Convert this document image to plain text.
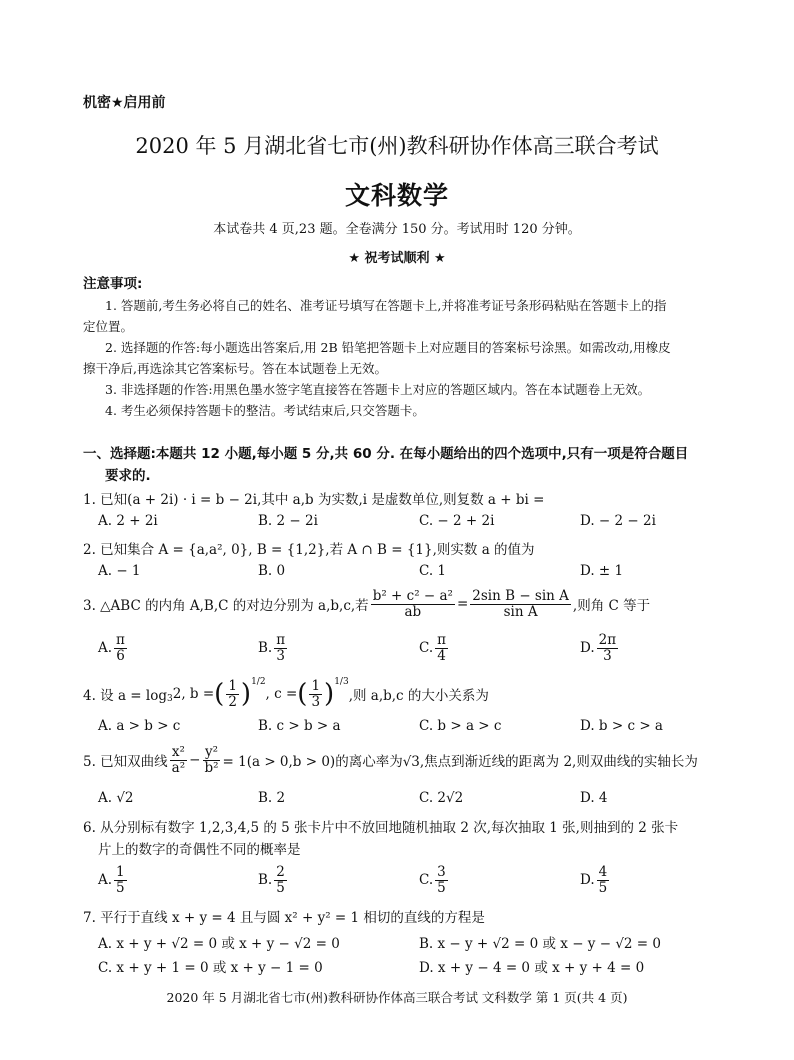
机密★启用前
2020 年 5 月湖北省七市(州)教科研协作体高三联合考试
文科数学
本试卷共 4 页,23 题。全卷满分 150 分。考试用时 120 分钟。
★ 祝考试顺利 ★
注意事项:
1. 答题前,考生务必将自己的姓名、准考证号填写在答题卡上,并将准考证号条形码粘贴在答题卡上的指
定位置。
2. 选择题的作答:每小题选出答案后,用 2B 铅笔把答题卡上对应题目的答案标号涂黑。如需改动,用橡皮
擦干净后,再选涂其它答案标号。答在本试题卷上无效。
3. 非选择题的作答:用黑色墨水签字笔直接答在答题卡上对应的答题区域内。答在本试题卷上无效。
4. 考生必须保持答题卡的整洁。考试结束后,只交答题卡。
一、选择题:本题共 12 小题,每小题 5 分,共 60 分. 在每小题给出的四个选项中,只有一项是符合题目
要求的.
1. 已知(a + 2i) · i = b − 2i,其中 a,b 为实数,i 是虚数单位,则复数 a + bi =
A. 2 + 2i	B. 2 − 2i	C. − 2 + 2i	D. − 2 − 2i
2. 已知集合 A = {a,a², 0}, B = {1,2},若 A ∩ B = {1},则实数 a 的值为
A. − 1	B. 0	C. 1	D. ± 1
3. △ABC 的内角 A,B,C 的对边分别为 a,b,c,若 $\frac{\text{b² + c² − a²}}{ab} = \frac{\text{2sin B − sin A}}{\text{sin A}}$ ,则角 C 等于
A. $\frac{\pi}{6}$	B. $\frac{\pi}{3}$	C. $\frac{\pi}{4}$	D. $\frac{2\pi}{3}$
4. 设 $a = \log_3 2$, b = ( $\frac{1}{2} )^{1/2}$
, c = ( $\frac{1}{3} )^{1/3}$
,则 a,b,c 的大小关系为
A. a > b > c	B. c > b > a	C. b > a > c	D. b > c > a
5. 已知双曲线 $\frac{\text{x²}}{\text{a²}} - \frac{\text{y²}}{\text{b²}} = 1(a > 0,b > 0)$的离心率为√3,焦点到渐近线的距离为 2,则双曲线的实轴长为
A. √2	B. 2	C. 2√2	D. 4
6. 从分别标有数字 1,2,3,4,5 的 5 张卡片中不放回地随机抽取 2 次,每次抽取 1 张,则抽到的 2 张卡
片上的数字的奇偶性不同的概率是
A. $\frac{1}{5}$	B. $\frac{2}{5}$	C. $\frac{3}{5}$	D. $\frac{4}{5}$
7. 平行于直线 x + y = 4 且与圆 x² + y² = 1 相切的直线的方程是
A. x + y + √2 = 0 或 x + y − √2 = 0	B. x − y + √2 = 0 或 x − y − √2 = 0
C. x + y + 1 = 0 或 x + y − 1 = 0	D. x + y − 4 = 0 或 x + y + 4 = 0
2020 年 5 月湖北省七市(州)教科研协作体高三联合考试 文科数学 第 1 页(共 4 页)
